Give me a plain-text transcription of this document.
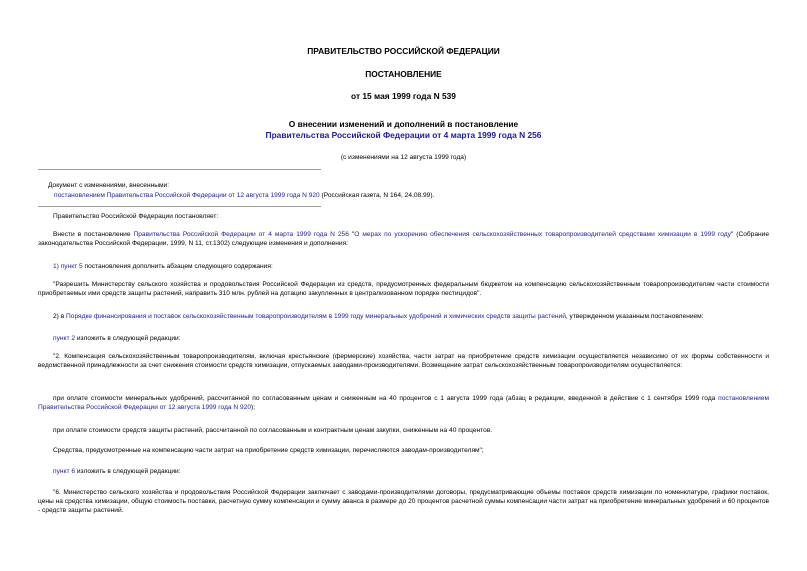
ПРАВИТЕЛЬСТВО РОССИЙСКОЙ ФЕДЕРАЦИИ
ПОСТАНОВЛЕНИЕ
от 15 мая 1999 года N 539
О внесении изменений и дополнений в постановление
Правительства Российской Федерации от 4 марта 1999 года N 256
(с изменениями на 12 августа 1999 года)
Документ с изменениями, внесенными:
постановлением Правительства Российской Федерации от 12 августа 1999 года N 920 (Российская газета, N 164, 24.08.99).
Правительство Российской Федерации постановляет:
Внести в постановление Правительства Российской Федерации от 4 марта 1999 года N 256 "О мерах по ускорению обеспечения сельскохозяйственных товаропроизводителей средствами химизации в 1999 году" (Собрание законодательства Российской Федерации, 1999, N 11, ст.1302) следующие изменения и дополнения:
1) пункт 5 постановления дополнить абзацем следующего содержания:
"Разрешить Министерству сельского хозяйства и продовольствия Российской Федерации из средств, предусмотренных федеральным бюджетом на компенсацию сельскохозяйственным товаропроизводителям части стоимости приобретаемых ими средств защиты растений, направить 310 млн. рублей на дотацию закупленных в централизованном порядке пестицидов".
2) в Порядке финансирования и поставок сельскохозяйственным товаропроизводителям в 1999 году минеральных удобрений и химических средств защиты растений, утвержденном указанным постановлением:
пункт 2 изложить в следующей редакции:
"2. Компенсация сельскохозяйственным товаропроизводителям, включая крестьянские (фермерские) хозяйства, части затрат на приобретение средств химизации осуществляется независимо от их формы собственности и ведомственной принадлежности за счет снижения стоимости средств химизации, отпускаемых заводами-производителями. Возмещение затрат сельскохозяйственным товаропроизводителям осуществляется:
при оплате стоимости минеральных удобрений, рассчитанной по согласованным ценам и сниженным на 40 процентов с 1 августа 1999 года (абзац в редакции, введенной в действие с 1 сентября 1999 года постановлением Правительства Российской Федерации от 12 августа 1999 года N 920);
при оплате стоимости средств защиты растений, рассчитанной по согласованным и контрактным ценам закупки, сниженным на 40 процентов.
Средства, предусмотренные на компенсацию части затрат на приобретение средств химизации, перечисляются заводам-производителям";
пункт 6 изложить в следующей редакции:
"6. Министерство сельского хозяйства и продовольствия Российской Федерации заключает с заводами-производителями договоры, предусматривающие объемы поставок средств химизации по номенклатуре, графики поставок, цены на средства химизации, общую стоимость поставки, расчетную сумму компенсации и сумму аванса в размере до 20 процентов расчетной суммы компенсации части затрат на приобретение минеральных удобрений и 60 процентов - средств защиты растений.
